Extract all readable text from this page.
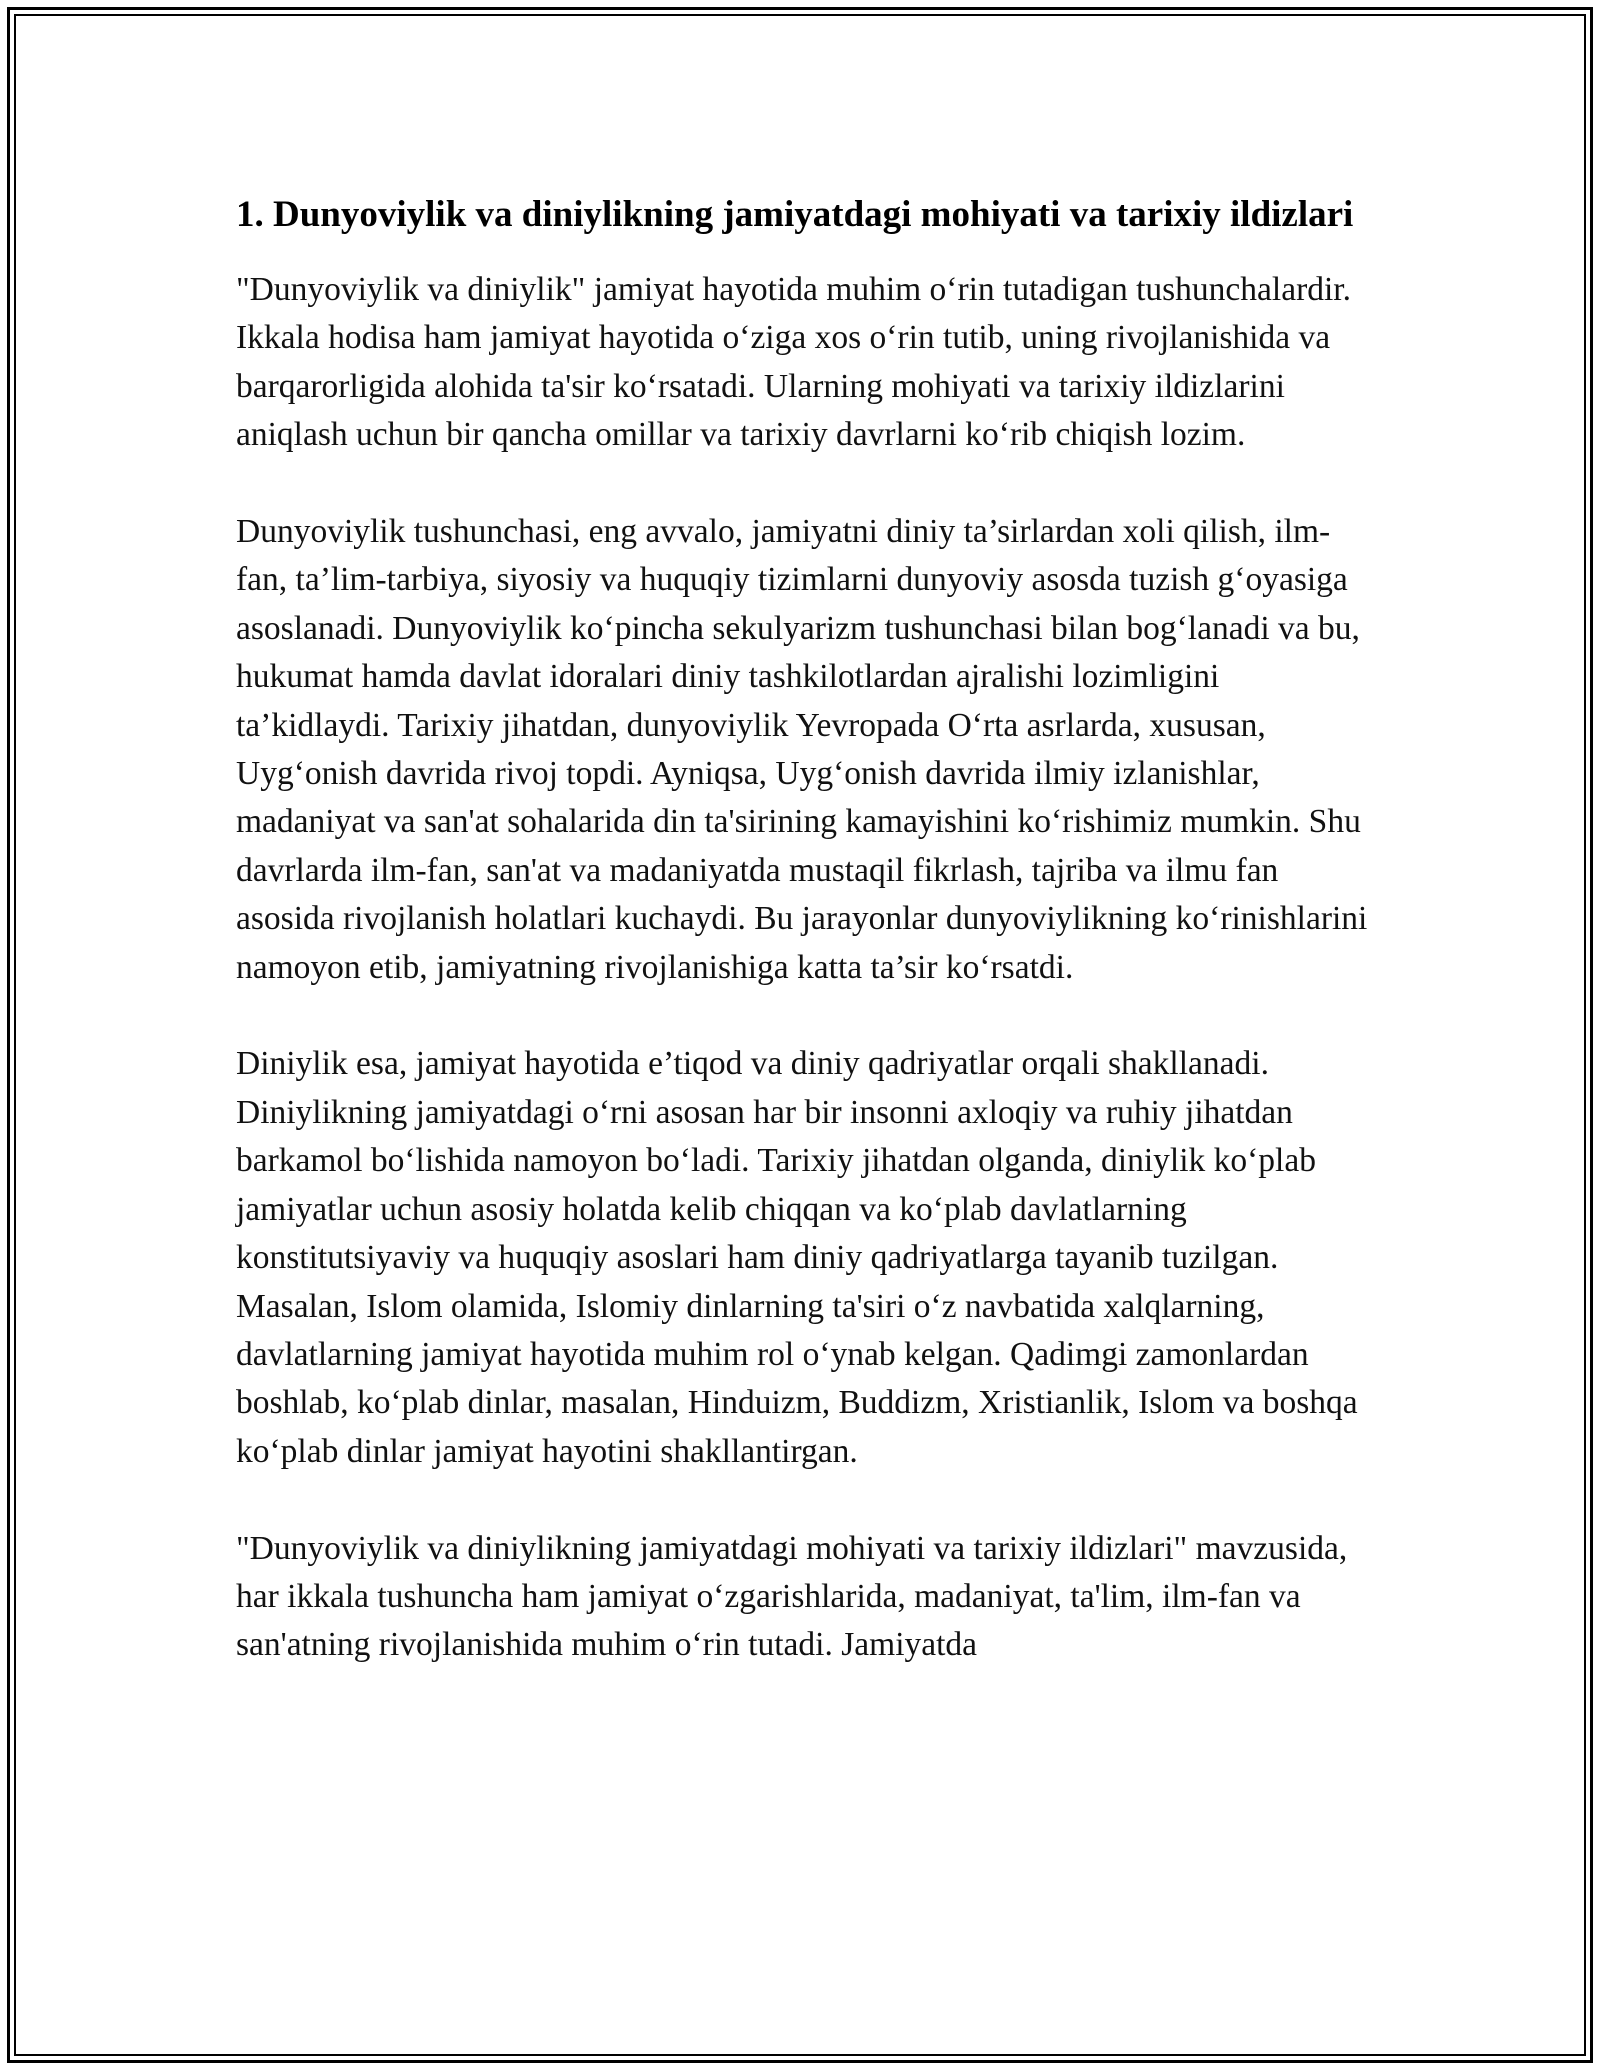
1. Dunyoviylik va diniylikning jamiyatdagi mohiyati va tarixiy ildizlari

"Dunyoviylik va diniylik" jamiyat hayotida muhim o‘rin tutadigan tushunchalardir. Ikkala hodisa ham jamiyat hayotida o‘ziga xos o‘rin tutib, uning rivojlanishida va barqarorligida alohida ta'sir ko‘rsatadi. Ularning mohiyati va tarixiy ildizlarini aniqlash uchun bir qancha omillar va tarixiy davrlarni ko‘rib chiqish lozim.

Dunyoviylik tushunchasi, eng avvalo, jamiyatni diniy ta’sirlardan xoli qilish, ilm-fan, ta’lim-tarbiya, siyosiy va huquqiy tizimlarni dunyoviy asosda tuzish g‘oyasiga asoslanadi. Dunyoviylik ko‘pincha sekulyarizm tushunchasi bilan bog‘lanadi va bu, hukumat hamda davlat idoralari diniy tashkilotlardan ajralishi lozimligini ta’kidlaydi. Tarixiy jihatdan, dunyoviylik Yevropada O‘rta asrlarda, xususan, Uyg‘onish davrida rivoj topdi. Ayniqsa, Uyg‘onish davrida ilmiy izlanishlar, madaniyat va san'at sohalarida din ta'sirining kamayishini ko‘rishimiz mumkin. Shu davrlarda ilm-fan, san'at va madaniyatda mustaqil fikrlash, tajriba va ilmu fan asosida rivojlanish holatlari kuchaydi. Bu jarayonlar dunyoviylikning ko‘rinishlarini namoyon etib, jamiyatning rivojlanishiga katta ta’sir ko‘rsatdi.

Diniylik esa, jamiyat hayotida e’tiqod va diniy qadriyatlar orqali shakllanadi. Diniylikning jamiyatdagi o‘rni asosan har bir insonni axloqiy va ruhiy jihatdan barkamol bo‘lishida namoyon bo‘ladi. Tarixiy jihatdan olganda, diniylik ko‘plab jamiyatlar uchun asosiy holatda kelib chiqqan va ko‘plab davlatlarning konstitutsiyaviy va huquqiy asoslari ham diniy qadriyatlarga tayanib tuzilgan. Masalan, Islom olamida, Islomiy dinlarning ta'siri o‘z navbatida xalqlarning, davlatlarning jamiyat hayotida muhim rol o‘ynab kelgan. Qadimgi zamonlardan boshlab, ko‘plab dinlar, masalan, Hinduizm, Buddizm, Xristianlik, Islom va boshqa ko‘plab dinlar jamiyat hayotini shakllantirgan.

"Dunyoviylik va diniylikning jamiyatdagi mohiyati va tarixiy ildizlari" mavzusida, har ikkala tushuncha ham jamiyat o‘zgarishlarida, madaniyat, ta'lim, ilm-fan va san'atning rivojlanishida muhim o‘rin tutadi. Jamiyatda
